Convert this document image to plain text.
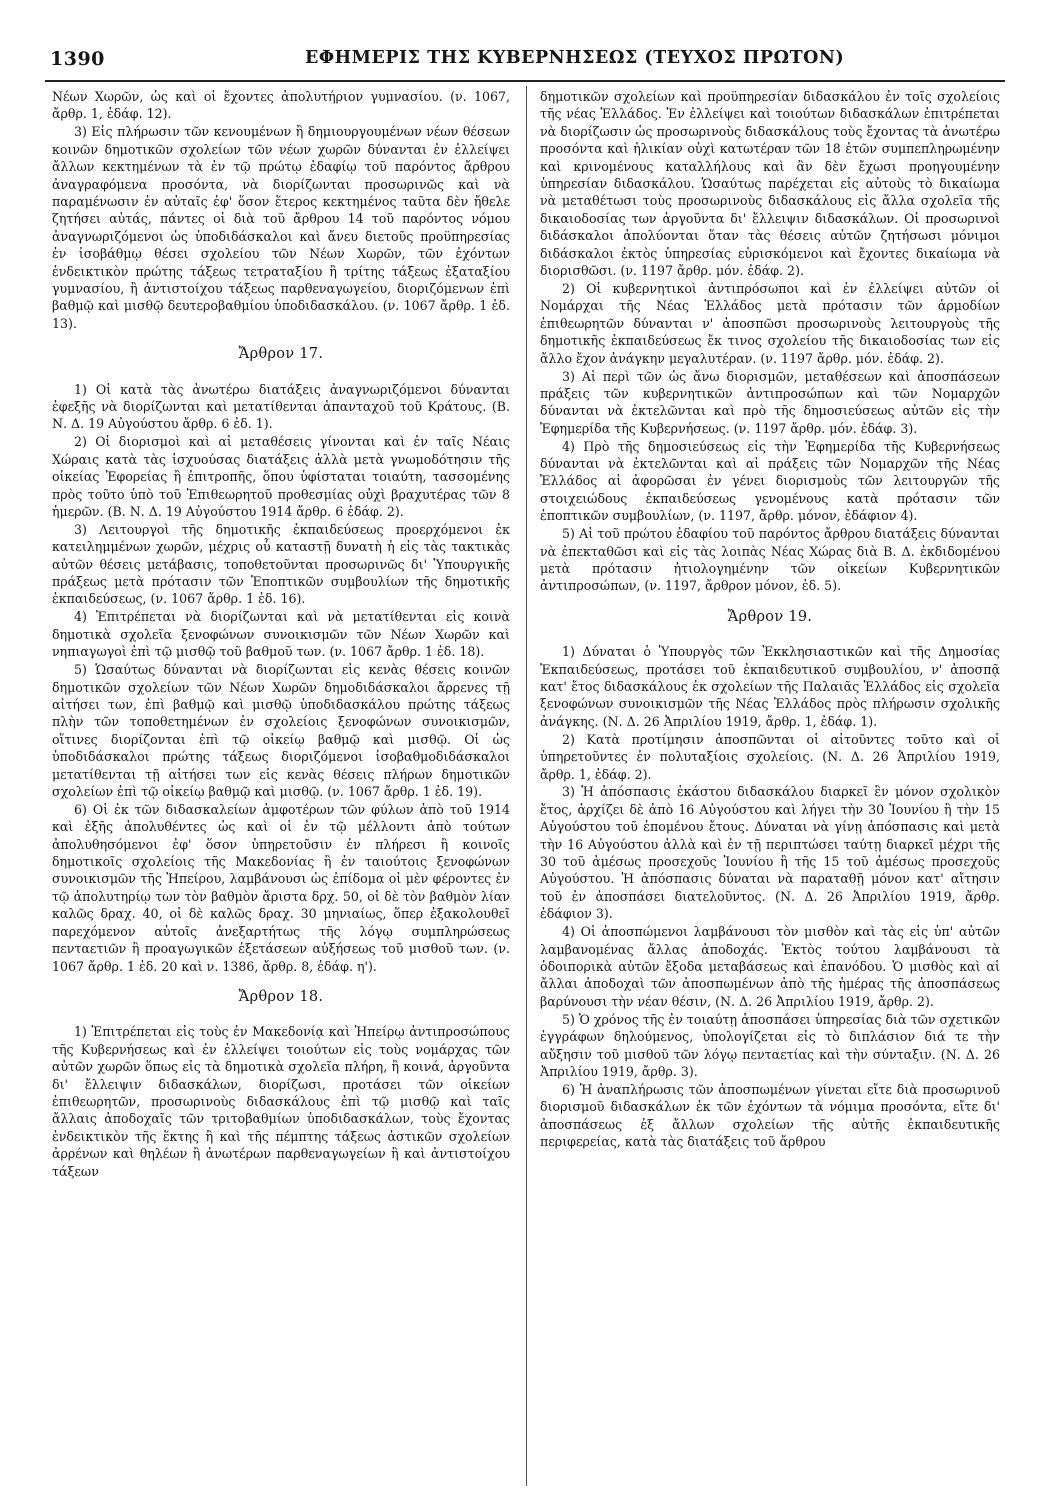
1390	ΕΦΗΜΕΡΙΣ ΤΗΣ ΚΥΒΕΡΝΗΣΕΩΣ (ΤΕΥΧΟΣ ΠΡΩΤΟΝ)

Νέων Χωρῶν, ὡς καὶ οἱ ἔχοντες ἀπολυτήριον γυμνασίου. (ν. 1067, ἄρθρ. 1, ἐδάφ. 12).

3) Εἰς πλήρωσιν τῶν κενουμένων ἢ δημιουργουμένων νέων θέσεων κοινῶν δημοτικῶν σχολείων τῶν νέων χωρῶν δύνανται ἐν ἐλλείψει ἄλλων κεκτημένων τὰ ἐν τῷ πρώτῳ ἐδαφίῳ τοῦ παρόντος ἄρθρου ἀναγραφόμενα προσόντα, νὰ διορίζωνται προσωρινῶς καὶ νὰ παραμένωσιν ἐν αὐταῖς ἐφ' ὅσον ἕτερος κεκτημένος ταῦτα δὲν ἤθελε ζητήσει αὐτάς, πάντες οἱ διὰ τοῦ ἄρθρου 14 τοῦ παρόντος νόμου ἀναγνωριζόμενοι ὡς ὑποδιδάσκαλοι καὶ ἄνευ διετοῦς προϋπηρεσίας ἐν ἰσοβάθμῳ θέσει σχολείου τῶν Νέων Χωρῶν, τῶν ἐχόντων ἐνδεικτικὸν πρώτης τάξεως τετραταξίου ἢ τρίτης τάξεως ἑξαταξίου γυμνασίου, ἢ ἀντιστοίχου τάξεως παρθεναγωγείου, διοριζόμενων ἐπὶ βαθμῷ καὶ μισθῷ δευτεροβαθμίου ὑποδιδασκάλου. (ν. 1067 ἄρθρ. 1 ἐδ. 13).

Ἄρθρον 17.

1) Οἱ κατὰ τὰς ἀνωτέρω διατάξεις ἀναγνωριζόμενοι δύνανται ἐφεξῆς νὰ διορίζωνται καὶ μετατίθενται ἁπανταχοῦ τοῦ Κράτους. (Β. Ν. Δ. 19 Αὐγούστου ἄρθρ. 6 ἐδ. 1).

2) Οἱ διορισμοὶ καὶ αἱ μεταθέσεις γίνονται καὶ ἐν ταῖς Νέαις Χώραις κατὰ τὰς ἰσχυούσας διατάξεις ἀλλὰ μετὰ γνωμοδότησιν τῆς οἰκείας Ἐφορείας ἢ ἐπιτροπῆς, ὅπου ὑφίσταται τοιαύτη, τασσομένης πρὸς τοῦτο ὑπὸ τοῦ Ἐπιθεωρητοῦ προθεσμίας οὐχὶ βραχυτέρας τῶν 8 ἡμερῶν. (Β. Ν. Δ. 19 Αὐγούστου 1914 ἄρθρ. 6 ἐδάφ. 2).

3) Λειτουργοὶ τῆς δημοτικῆς ἐκπαιδεύσεως προερχόμενοι ἐκ κατειλημμένων χωρῶν, μέχρις οὗ καταστῇ δυνατὴ ἡ εἰς τὰς τακτικὰς αὐτῶν θέσεις μετάβασις, τοποθετοῦνται προσωρινῶς δι' Ὑπουργικῆς πράξεως μετὰ πρότασιν τῶν Ἐποπτικῶν συμβουλίων τῆς δημοτικῆς ἐκπαιδεύσεως, (ν. 1067 ἄρθρ. 1 ἐδ. 16).

4) Ἐπιτρέπεται νὰ διορίζωνται καὶ νὰ μετατίθενται εἰς κοινὰ δημοτικὰ σχολεῖα ξενοφώνων συνοικισμῶν τῶν Νέων Χωρῶν καὶ νηπιαγωγοὶ ἐπὶ τῷ μισθῷ τοῦ βαθμοῦ των. (ν. 1067 ἄρθρ. 1 ἐδ. 18).

5) Ὡσαύτως δύνανται νὰ διορίζωνται εἰς κενὰς θέσεις κοινῶν δημοτικῶν σχολείων τῶν Νέων Χωρῶν δημοδιδάσκαλοι ἄρρενες τῇ αἰτήσει των, ἐπὶ βαθμῷ καὶ μισθῷ ὑποδιδασκάλου πρώτης τάξεως πλὴν τῶν τοποθετημένων ἐν σχολείοις ξενοφώνων συνοικισμῶν, οἵτινες διορίζονται ἐπὶ τῷ οἰκείῳ βαθμῷ καὶ μισθῷ. Οἱ ὡς ὑποδιδάσκαλοι πρώτης τάξεως διοριζόμενοι ἰσοβαθμοδιδάσκαλοι μετατίθενται τῇ αἰτήσει των εἰς κενὰς θέσεις πλήρων δημοτικῶν σχολείων ἐπὶ τῷ οἰκείῳ βαθμῷ καὶ μισθῷ. (ν. 1067 ἄρθρ. 1 ἐδ. 19).

6) Οἱ ἐκ τῶν διδασκαλείων ἀμφοτέρων τῶν φύλων ἀπὸ τοῦ 1914 καὶ ἐξῆς ἀπολυθέντες ὡς καὶ οἱ ἐν τῷ μέλλοντι ἀπὸ τούτων ἀπολυθησόμενοι ἐφ' ὅσον ὑπηρετοῦσιν ἐν πλήρεσι ἢ κοινοῖς δημοτικοῖς σχολείοις τῆς Μακεδονίας ἢ ἐν ταιούτοις ξενοφώνων συνοικισμῶν τῆς Ἠπείρου, λαμβάνουσι ὡς ἐπίδομα οἱ μὲν φέροντες ἐν τῷ ἀπολυτηρίῳ των τὸν βαθμὸν ἄριστα δρχ. 50, οἱ δὲ τὸν βαθμὸν λίαν καλῶς δραχ. 40, οἱ δὲ καλῶς δραχ. 30 μηνιαίως, ὅπερ ἐξακολουθεῖ παρεχόμενον αὐτοῖς ἀνεξαρτήτως τῆς λόγῳ συμπληρώσεως πενταετιῶν ἢ προαγωγικῶν ἐξετάσεων αὐξήσεως τοῦ μισθοῦ των. (ν. 1067 ἄρθρ. 1 ἐδ. 20 καὶ ν. 1386, ἄρθρ. 8, ἐδάφ. η').

Ἄρθρον 18.

1) Ἐπιτρέπεται εἰς τοὺς ἐν Μακεδονίᾳ καὶ Ἠπείρῳ ἀντιπροσώπους τῆς Κυβερνήσεως καὶ ἐν ἐλλείψει τοιούτων εἰς τοὺς νομάρχας τῶν αὐτῶν χωρῶν ὅπως εἰς τὰ δημοτικὰ σχολεῖα πλήρη, ἢ κοινά, ἀργοῦντα δι' ἔλλειψιν διδασκάλων, διορίζωσι, προτάσει τῶν οἰκείων ἐπιθεωρητῶν, προσωρινοὺς διδασκάλους ἐπὶ τῷ μισθῷ καὶ ταῖς ἄλλαις ἀποδοχαῖς τῶν τριτοβαθμίων ὑποδιδασκάλων, τοὺς ἔχοντας ἐνδεικτικὸν τῆς ἕκτης ἢ καὶ τῆς πέμπτης τάξεως ἀστικῶν σχολείων ἀρρένων καὶ θηλέων ἢ ἀνωτέρων παρθεναγωγείων ἢ καὶ ἀντιστοίχου τάξεων

δημοτικῶν σχολείων καὶ προϋπηρεσίαν διδασκάλου ἐν τοῖς σχολείοις τῆς νέας Ἑλλάδος. Ἐν ἐλλείψει καὶ τοιούτων διδασκάλων ἐπιτρέπεται νὰ διορίζωσιν ὡς προσωρινοὺς διδασκάλους τοὺς ἔχοντας τὰ ἀνωτέρω προσόντα καὶ ἡλικίαν οὐχὶ κατωτέραν τῶν 18 ἐτῶν συμπεπληρωμένην καὶ κρινομένους καταλλήλους καὶ ἂν δὲν ἔχωσι προηγουμένην ὑπηρεσίαν διδασκάλου. Ὡσαύτως παρέχεται εἰς αὐτοὺς τὸ δικαίωμα νὰ μεταθέτωσι τοὺς προσωρινοὺς διδασκάλους εἰς ἄλλα σχολεῖα τῆς δικαιοδοσίας των ἀργοῦντα δι' ἔλλειψιν διδασκάλων. Οἱ προσωρινοὶ διδάσκαλοι ἀπολύονται ὅταν τὰς θέσεις αὐτῶν ζητήσωσι μόνιμοι διδάσκαλοι ἐκτὸς ὑπηρεσίας εὑρισκόμενοι καὶ ἔχοντες δικαίωμα νὰ διορισθῶσι. (ν. 1197 ἄρθρ. μόν. ἐδάφ. 2).

2) Οἱ κυβερνητικοὶ ἀντιπρόσωποι καὶ ἐν ἐλλείψει αὐτῶν οἱ Νομάρχαι τῆς Νέας Ἑλλάδος μετὰ πρότασιν τῶν ἁρμοδίων ἐπιθεωρητῶν δύνανται ν' ἀποσπῶσι προσωρινοὺς λειτουργοὺς τῆς δημοτικῆς ἐκπαιδεύσεως ἔκ τινος σχολείου τῆς δικαιοδοσίας των εἰς ἄλλο ἔχον ἀνάγκην μεγαλυτέραν. (ν. 1197 ἄρθρ. μόν. ἐδάφ. 2).

3) Αἱ περὶ τῶν ὡς ἄνω διορισμῶν, μεταθέσεων καὶ ἀποσπάσεων πράξεις τῶν κυβερνητικῶν ἀντιπροσώπων καὶ τῶν Νομαρχῶν δύνανται νὰ ἐκτελῶνται καὶ πρὸ τῆς δημοσιεύσεως αὐτῶν εἰς τὴν Ἐφημερίδα τῆς Κυβερνήσεως. (ν. 1197 ἄρθρ. μόν. ἐδάφ. 3).

4) Πρὸ τῆς δημοσιεύσεως εἰς τὴν Ἐφημερίδα τῆς Κυβερνήσεως δύνανται νὰ ἐκτελῶνται καὶ αἱ πράξεις τῶν Νομαρχῶν τῆς Νέας Ἑλλάδος αἱ ἀφορῶσαι ἐν γένει διορισμοὺς τῶν λειτουργῶν τῆς στοιχειώδους ἐκπαιδεύσεως γενομένους κατὰ πρότασιν τῶν ἐποπτικῶν συμβουλίων, (ν. 1197, ἄρθρ. μόνον, ἐδάφιον 4).

5) Αἱ τοῦ πρώτου ἐδαφίου τοῦ παρόντος ἄρθρου διατάξεις δύνανται νὰ ἐπεκταθῶσι καὶ εἰς τὰς λοιπὰς Νέας Χώρας διὰ Β. Δ. ἐκδιδομένου μετὰ πρότασιν ἠτιολογημένην τῶν οἰκείων Κυβερνητικῶν ἀντιπροσώπων, (ν. 1197, ἄρθρον μόνον, ἐδ. 5).

Ἄρθρον 19.

1) Δύναται ὁ Ὑπουργὸς τῶν Ἐκκλησιαστικῶν καὶ τῆς Δημοσίας Ἐκπαιδεύσεως, προτάσει τοῦ ἐκπαιδευτικοῦ συμβουλίου, ν' ἀποσπᾷ κατ' ἔτος διδασκάλους ἐκ σχολείων τῆς Παλαιᾶς Ἑλλάδος εἰς σχολεῖα ξενοφώνων συνοικισμῶν τῆς Νέας Ἑλλάδος πρὸς πλήρωσιν σχολικῆς ἀνάγκης. (Ν. Δ. 26 Ἀπριλίου 1919, ἄρθρ. 1, ἐδάφ. 1).

2) Κατὰ προτίμησιν ἀποσπῶνται οἱ αἰτοῦντες τοῦτο καὶ οἱ ὑπηρετοῦντες ἐν πολυταξίοις σχολείοις. (Ν. Δ. 26 Ἀπριλίου 1919, ἄρθρ. 1, ἐδάφ. 2).

3) Ἡ ἀπόσπασις ἑκάστου διδασκάλου διαρκεῖ ἓν μόνον σχολικὸν ἔτος, ἀρχίζει δὲ ἀπὸ 16 Αὐγούστου καὶ λήγει τὴν 30 Ἰουνίου ἢ τὴν 15 Αὐγούστου τοῦ ἑπομένου ἔτους. Δύναται νὰ γίνῃ ἀπόσπασις καὶ μετὰ τὴν 16 Αὐγούστου ἀλλὰ καὶ ἐν τῇ περιπτώσει ταύτῃ διαρκεῖ μέχρι τῆς 30 τοῦ ἀμέσως προσεχοῦς Ἰουνίου ἢ τῆς 15 τοῦ ἀμέσως προσεχοῦς Αὐγούστου. Ἡ ἀπόσπασις δύναται νὰ παραταθῇ μόνον κατ' αἴτησιν τοῦ ἐν ἀποσπάσει διατελοῦντος. (Ν. Δ. 26 Ἀπριλίου 1919, ἄρθρ. ἐδάφιον 3).

4) Οἱ ἀποσπώμενοι λαμβάνουσι τὸν μισθὸν καὶ τὰς εἰς ὑπ' αὐτῶν λαμβανομένας ἄλλας ἀποδοχάς. Ἐκτὸς τούτου λαμβάνουσι τὰ ὁδοιπορικὰ αὐτῶν ἔξοδα μεταβάσεως καὶ ἐπανόδου. Ὁ μισθὸς καὶ αἱ ἄλλαι ἀποδοχαὶ τῶν ἀποσπωμένων ἀπὸ τῆς ἡμέρας τῆς ἀποσπάσεως βαρύνουσι τὴν νέαν θέσιν, (Ν. Δ. 26 Ἀπριλίου 1919, ἄρθρ. 2).

5) Ὁ χρόνος τῆς ἐν τοιαύτῃ ἀποσπάσει ὑπηρεσίας διὰ τῶν σχετικῶν ἐγγράφων δηλούμενος, ὑπολογίζεται εἰς τὸ διπλάσιον διά τε τὴν αὔξησιν τοῦ μισθοῦ τῶν λόγῳ πενταετίας καὶ τὴν σύνταξιν. (Ν. Δ. 26 Ἀπριλίου 1919, ἄρθρ. 3).

6) Ἡ ἀναπλήρωσις τῶν ἀποσπωμένων γίνεται εἴτε διὰ προσωρινοῦ διορισμοῦ διδασκάλων ἐκ τῶν ἐχόντων τὰ νόμιμα προσόντα, εἴτε δι' ἀποσπάσεως ἐξ ἄλλων σχολείων τῆς αὐτῆς ἐκπαιδευτικῆς περιφερείας, κατὰ τὰς διατάξεις τοῦ ἄρθρου
